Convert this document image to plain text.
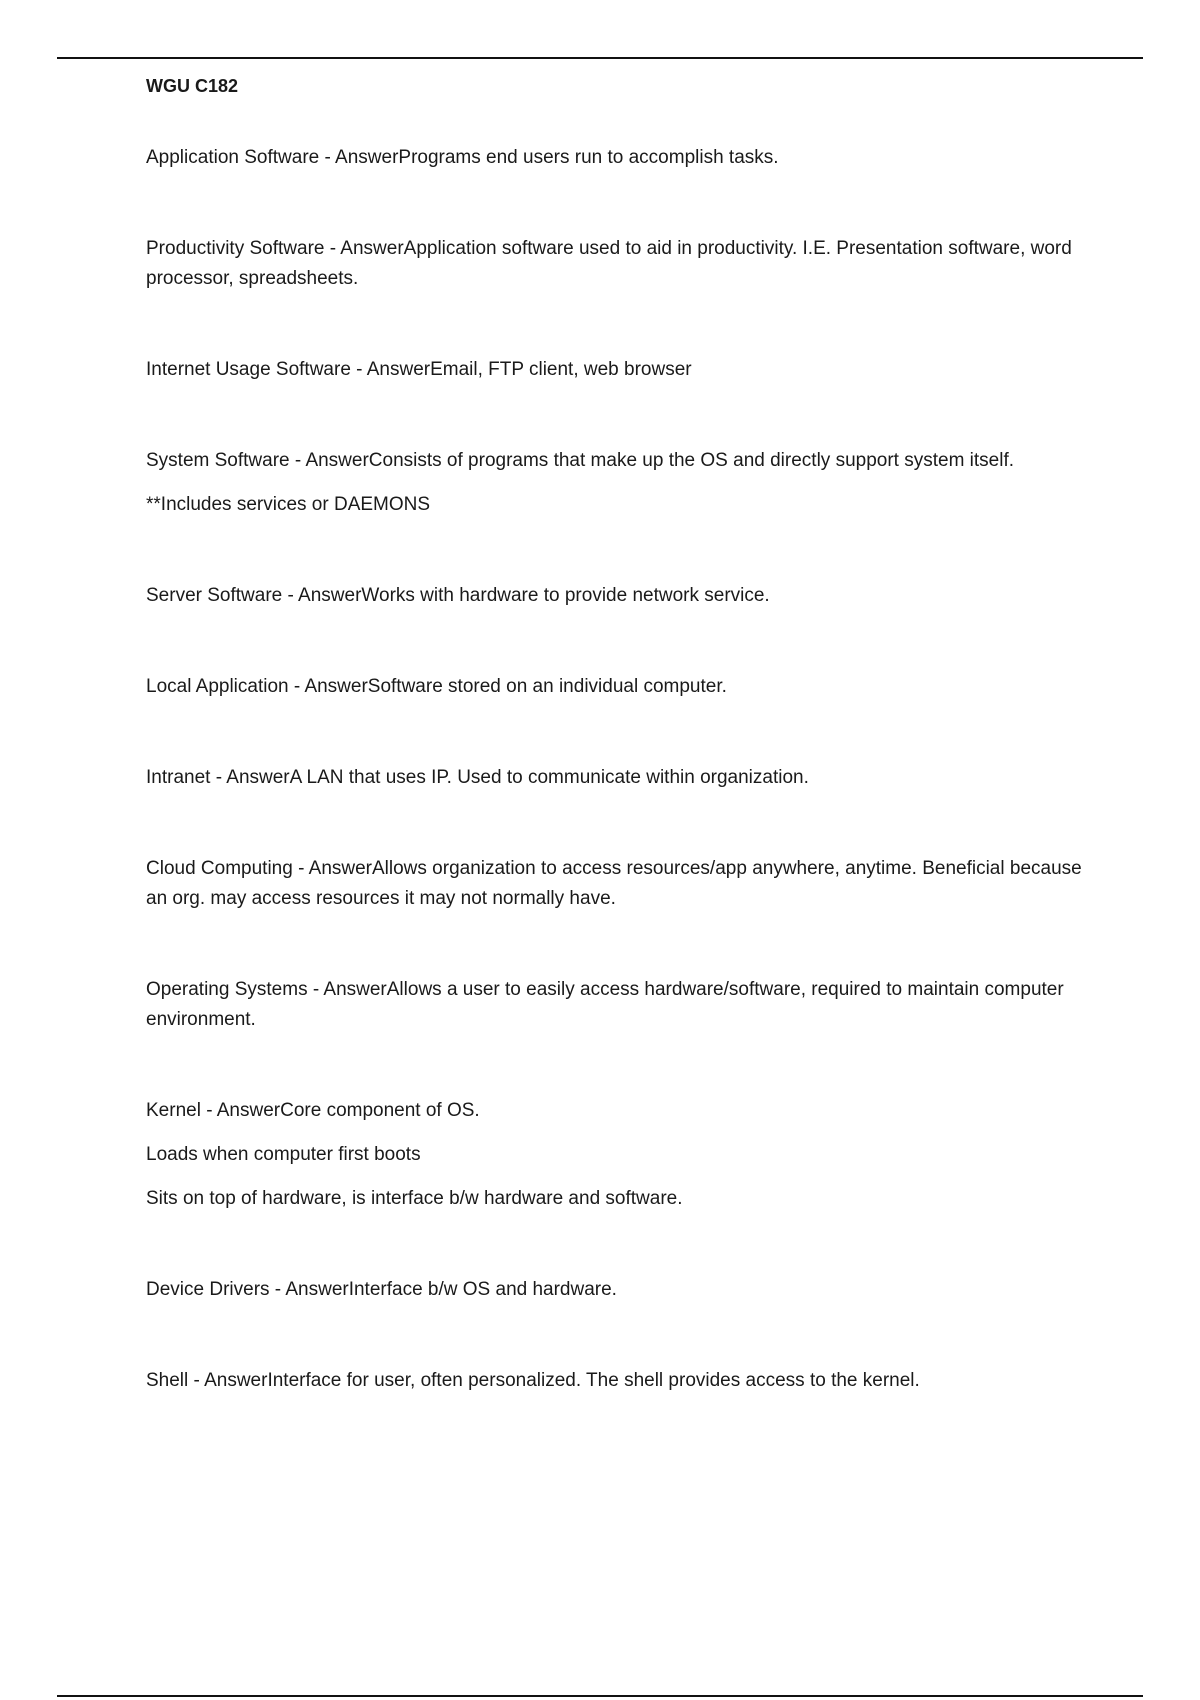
WGU C182

Application Software - AnswerPrograms end users run to accomplish tasks.

Productivity Software - AnswerApplication software used to aid in productivity. I.E. Presentation software, word processor, spreadsheets.

Internet Usage Software - AnswerEmail, FTP client, web browser

System Software - AnswerConsists of programs that make up the OS and directly support system itself.

**Includes services or DAEMONS

Server Software - AnswerWorks with hardware to provide network service.

Local Application - AnswerSoftware stored on an individual computer.

Intranet - AnswerA LAN that uses IP. Used to communicate within organization.

Cloud Computing - AnswerAllows organization to access resources/app anywhere, anytime. Beneficial because an org. may access resources it may not normally have.

Operating Systems - AnswerAllows a user to easily access hardware/software, required to maintain computer environment.

Kernel - AnswerCore component of OS.

Loads when computer first boots

Sits on top of hardware, is interface b/w hardware and software.

Device Drivers - AnswerInterface b/w OS and hardware.

Shell - AnswerInterface for user, often personalized. The shell provides access to the kernel.
